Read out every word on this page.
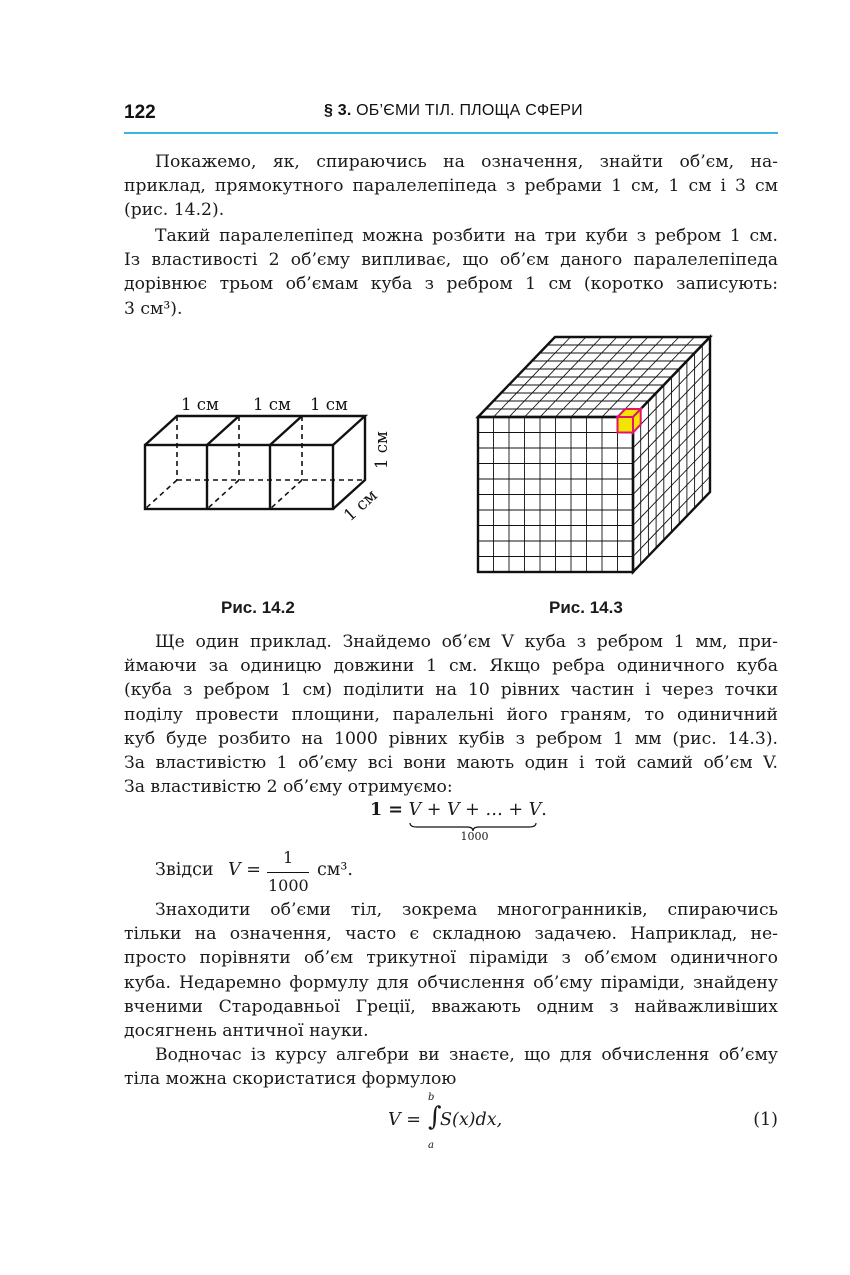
122	§ 3. ОБ’ЄМИ ТІЛ. ПЛОЩА СФЕРИ

Покажемо, як, спираючись на означення, знайти об’єм, на-
приклад, прямокутного паралелепіпеда з ребрами 1 см, 1 см і 3 см
(рис. 14.2).

Такий паралелепіпед можна розбити на три куби з ребром 1 см.
Із властивості 2 об’єму випливає, що об’єм даного паралелепіпеда
дорівнює трьом об’ємам куба з ребром 1 см (коротко записують:
3 см³).

1 см 1 см 1 см
1 см
1 см
Рис. 14.2	Рис. 14.3

Ще один приклад. Знайдемо об’єм V куба з ребром 1 мм, при-
ймаючи за одиницю довжини 1 см. Якщо ребра одиничного куба
(куба з ребром 1 см) поділити на 10 рівних частин і через точки
поділу провести площини, паралельні його граням, то одиничний
куб буде розбито на 1000 рівних кубів з ребром 1 мм (рис. 14.3).
За властивістю 1 об’єму всі вони мають один і той самий об’єм V.
За властивістю 2 об’єму отримуємо:

1 = V + V + … + V
1000
.
Звідси V =
1
1000
см³.

Знаходити об’єми тіл, зокрема многогранників, спираючись
тільки на означення, часто є складною задачею. Наприклад, не-
просто порівняти об’єм трикутної піраміди з об’ємом одиничного
куба. Недаремно формулу для обчислення об’єму піраміди, знайдену
вченими Стародавньої Греції, вважають одним з найважливіших
досягнень античної науки.

Водночас із курсу алгебри ви знаєте, що для обчислення об’єму
тіла можна скористатися формулою

V = ∫
b
a
S(x)dx,	(1)
